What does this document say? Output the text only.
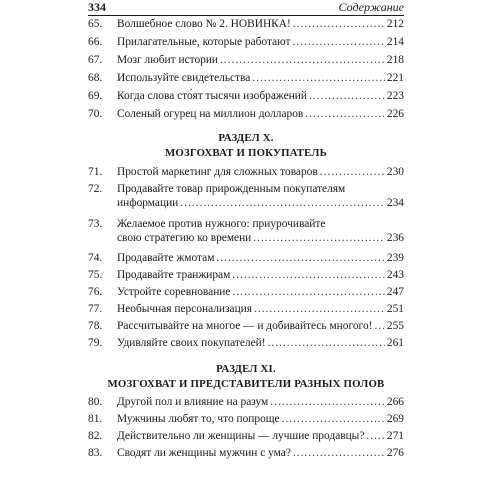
334	Содержание
65. Волшебное слово № 2. НОВИНКА! .....	212
66. Прилагательные, которые работают .....	214
67. Мозг любит истории .....	218
68. Используйте свидетельства .....	221
69. Когда слова сто́ят тысячи изображений .....	223
70. Соленый огурец на миллион долларов .....	226
РАЗДЕЛ X.
МОЗГОХВАТ И ПОКУПАТЕЛЬ
71. Простой маркетинг для сложных товаров .....	230
72. Продавайте товар прирожденным покупателям
информации .....	234
73. Желаемое против нужного: приурочивайте
свою стратегию ко времени .....	236
74. Продавайте жмотам .....	239
75. Продавайте транжирам .....	243
76. Устройте соревнование .....	247
77. Необычная персонализация .....	251
78. Рассчитывайте на многое — и добивайтесь многого! ..... 255
79. Удивляйте своих покупателей! .....	261
РАЗДЕЛ XI.
МОЗГОХВАТ И ПРЕДСТАВИТЕЛИ РАЗНЫХ ПОЛОВ
80. Другой пол и влияние на разум .....	266
81. Мужчины любят то, что попроще .....	269
82. Действительно ли женщины — лучшие продавцы? ..... 271
83. Сводят ли женщины мужчин с ума? .....	276
